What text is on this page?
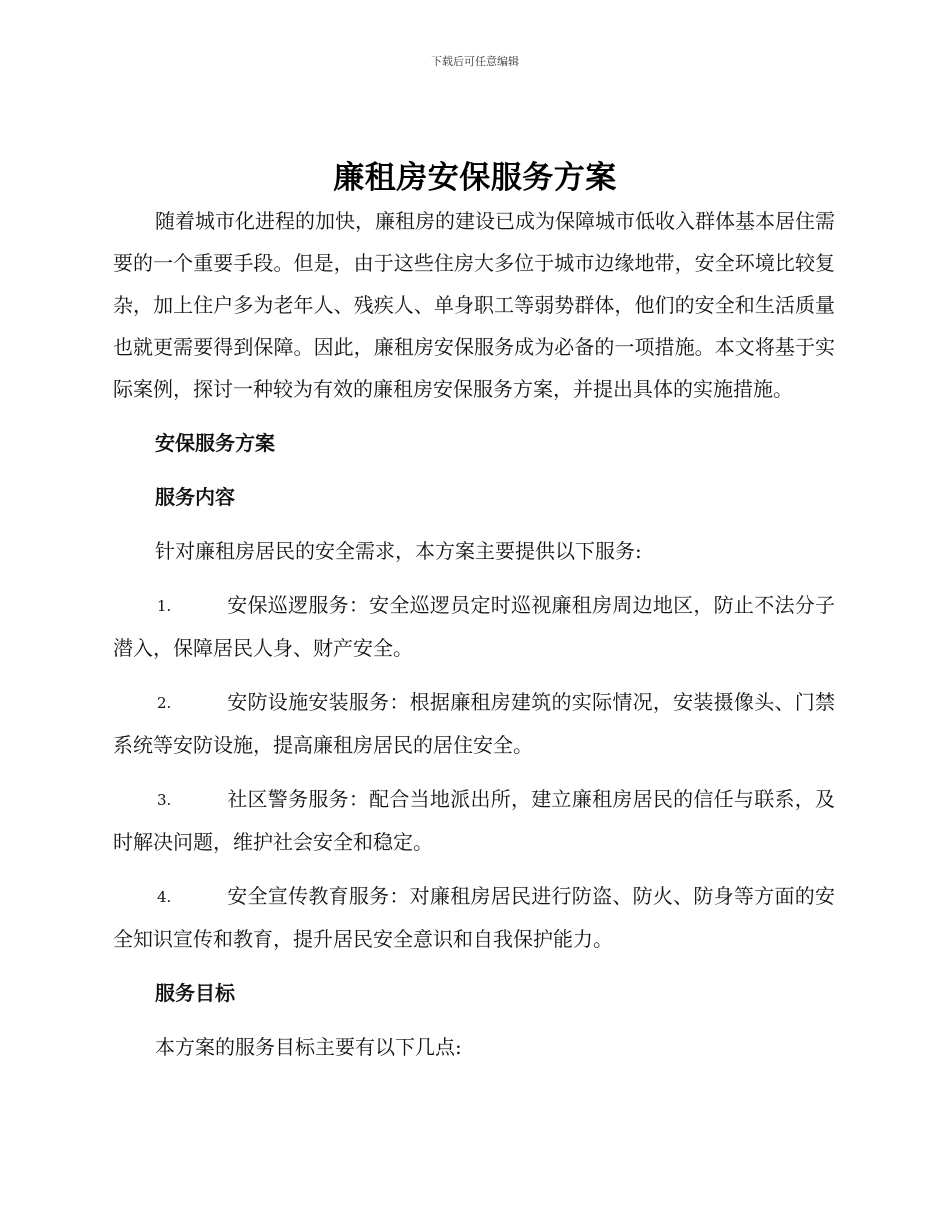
下载后可任意编辑
廉租房安保服务方案

随着城市化进程的加快，廉租房的建设已成为保障城市低收入群体基本居住需要的一个重要手段。但是，由于这些住房大多位于城市边缘地带，安全环境比较复杂，加上住户多为老年人、残疾人、单身职工等弱势群体，他们的安全和生活质量也就更需要得到保障。因此，廉租房安保服务成为必备的一项措施。本文将基于实际案例，探讨一种较为有效的廉租房安保服务方案，并提出具体的实施措施。

安保服务方案
服务内容

针对廉租房居民的安全需求，本方案主要提供以下服务:

1.	安保巡逻服务：安全巡逻员定时巡视廉租房周边地区，防止不法分子潜入，保障居民人身、财产安全。

2.	安防设施安装服务：根据廉租房建筑的实际情况，安装摄像头、门禁系统等安防设施，提高廉租房居民的居住安全。

3.	社区警务服务：配合当地派出所，建立廉租房居民的信任与联系，及时解决问题，维护社会安全和稳定。

4.	安全宣传教育服务：对廉租房居民进行防盗、防火、防身等方面的安全知识宣传和教育，提升居民安全意识和自我保护能力。

服务目标

本方案的服务目标主要有以下几点:
